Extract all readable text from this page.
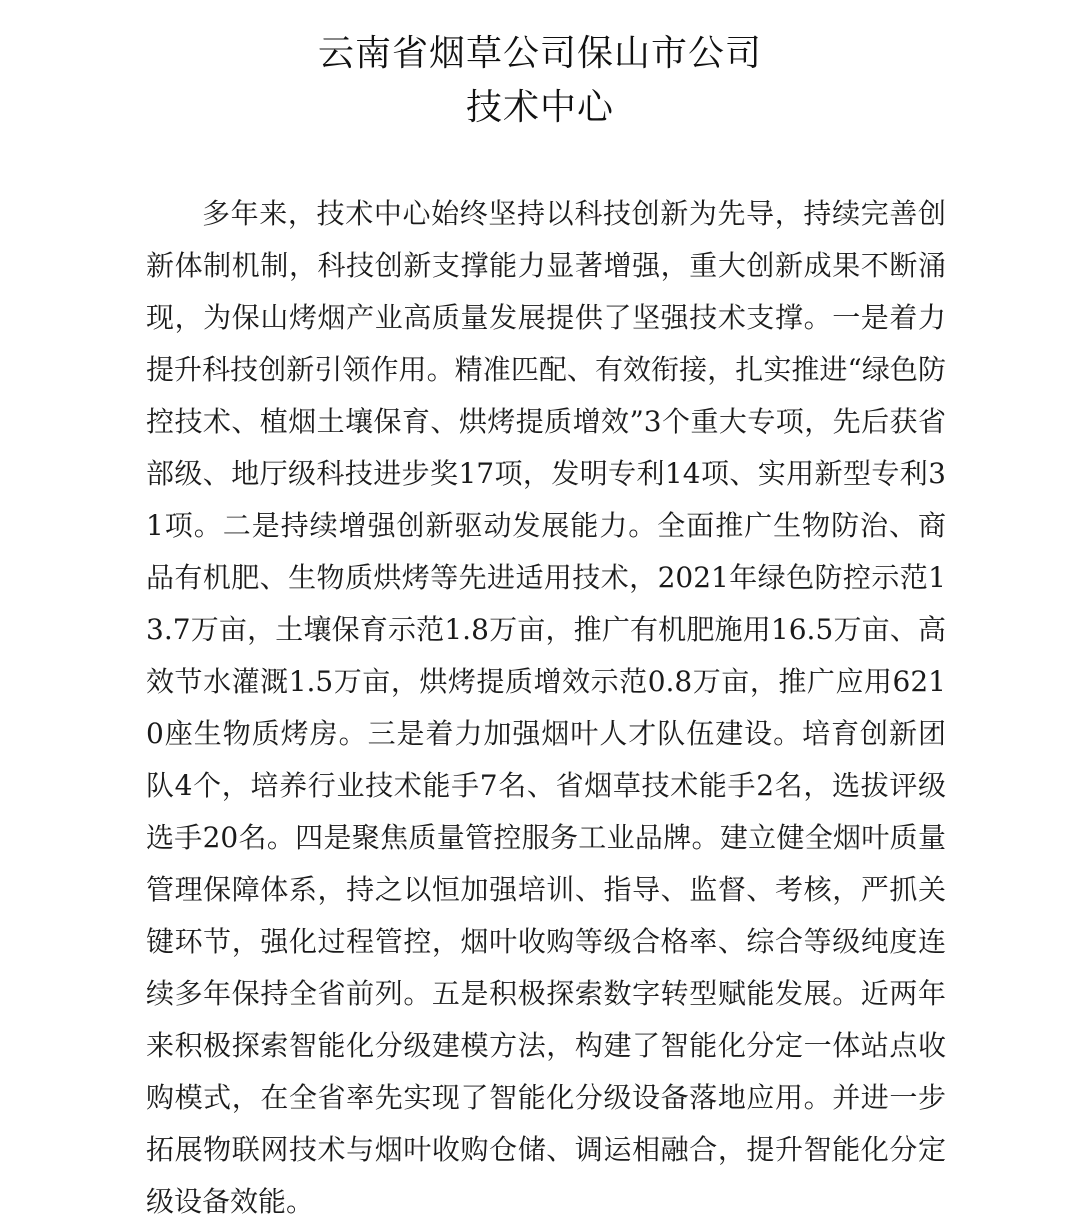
云南省烟草公司保山市公司
技术中心

多年来，技术中心始终坚持以科技创新为先导，持续完善创新体制机制，科技创新支撑能力显著增强，重大创新成果不断涌现，为保山烤烟产业高质量发展提供了坚强技术支撑。一是着力提升科技创新引领作用。精准匹配、有效衔接，扎实推进“绿色防控技术、植烟土壤保育、烘烤提质增效”3个重大专项，先后获省部级、地厅级科技进步奖17项，发明专利14项、实用新型专利31项。二是持续增强创新驱动发展能力。全面推广生物防治、商品有机肥、生物质烘烤等先进适用技术，2021年绿色防控示范13.7万亩，土壤保育示范1.8万亩，推广有机肥施用16.5万亩、高效节水灌溉1.5万亩，烘烤提质增效示范0.8万亩，推广应用6210座生物质烤房。三是着力加强烟叶人才队伍建设。培育创新团队4个，培养行业技术能手7名、省烟草技术能手2名，选拔评级选手20名。四是聚焦质量管控服务工业品牌。建立健全烟叶质量管理保障体系，持之以恒加强培训、指导、监督、考核，严抓关键环节，强化过程管控，烟叶收购等级合格率、综合等级纯度连续多年保持全省前列。五是积极探索数字转型赋能发展。近两年来积极探索智能化分级建模方法，构建了智能化分定一体站点收购模式，在全省率先实现了智能化分级设备落地应用。并进一步拓展物联网技术与烟叶收购仓储、调运相融合，提升智能化分定级设备效能。
